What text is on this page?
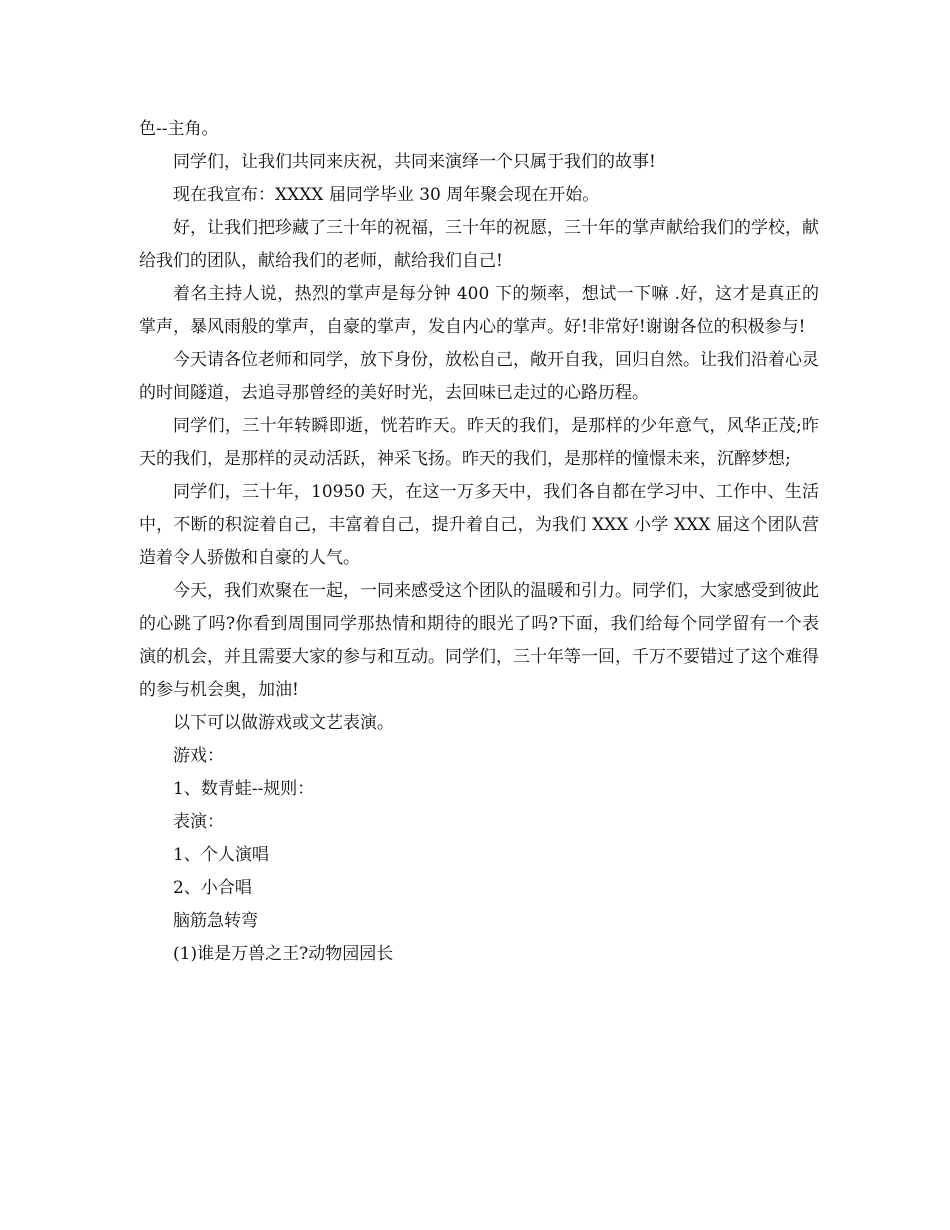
色--主角。

同学们，让我们共同来庆祝，共同来演绎一个只属于我们的故事!

现在我宣布：XXXX 届同学毕业 30 周年聚会现在开始。

好，让我们把珍藏了三十年的祝福，三十年的祝愿，三十年的掌声献给我们的学校，献给我们的团队，献给我们的老师，献给我们自己!

着名主持人说，热烈的掌声是每分钟 400 下的频率，想试一下嘛 .好，这才是真正的掌声，暴风雨般的掌声，自豪的掌声，发自内心的掌声。好!非常好!谢谢各位的积极参与!

今天请各位老师和同学，放下身份，放松自己，敞开自我，回归自然。让我们沿着心灵的时间隧道，去追寻那曾经的美好时光，去回味已走过的心路历程。

同学们，三十年转瞬即逝，恍若昨天。昨天的我们，是那样的少年意气，风华正茂;昨天的我们，是那样的灵动活跃，神采飞扬。昨天的我们，是那样的憧憬未来，沉醉梦想;

同学们，三十年，10950 天，在这一万多天中，我们各自都在学习中、工作中、生活中，不断的积淀着自己，丰富着自己，提升着自己，为我们 XXX 小学 XXX 届这个团队营造着令人骄傲和自豪的人气。

今天，我们欢聚在一起，一同来感受这个团队的温暖和引力。同学们，大家感受到彼此的心跳了吗?你看到周围同学那热情和期待的眼光了吗?下面，我们给每个同学留有一个表演的机会，并且需要大家的参与和互动。同学们，三十年等一回，千万不要错过了这个难得的参与机会奥，加油!

以下可以做游戏或文艺表演。

游戏：

1、数青蛙--规则：

表演：

1、个人演唱

2、小合唱

脑筋急转弯

(1)谁是万兽之王?动物园园长
